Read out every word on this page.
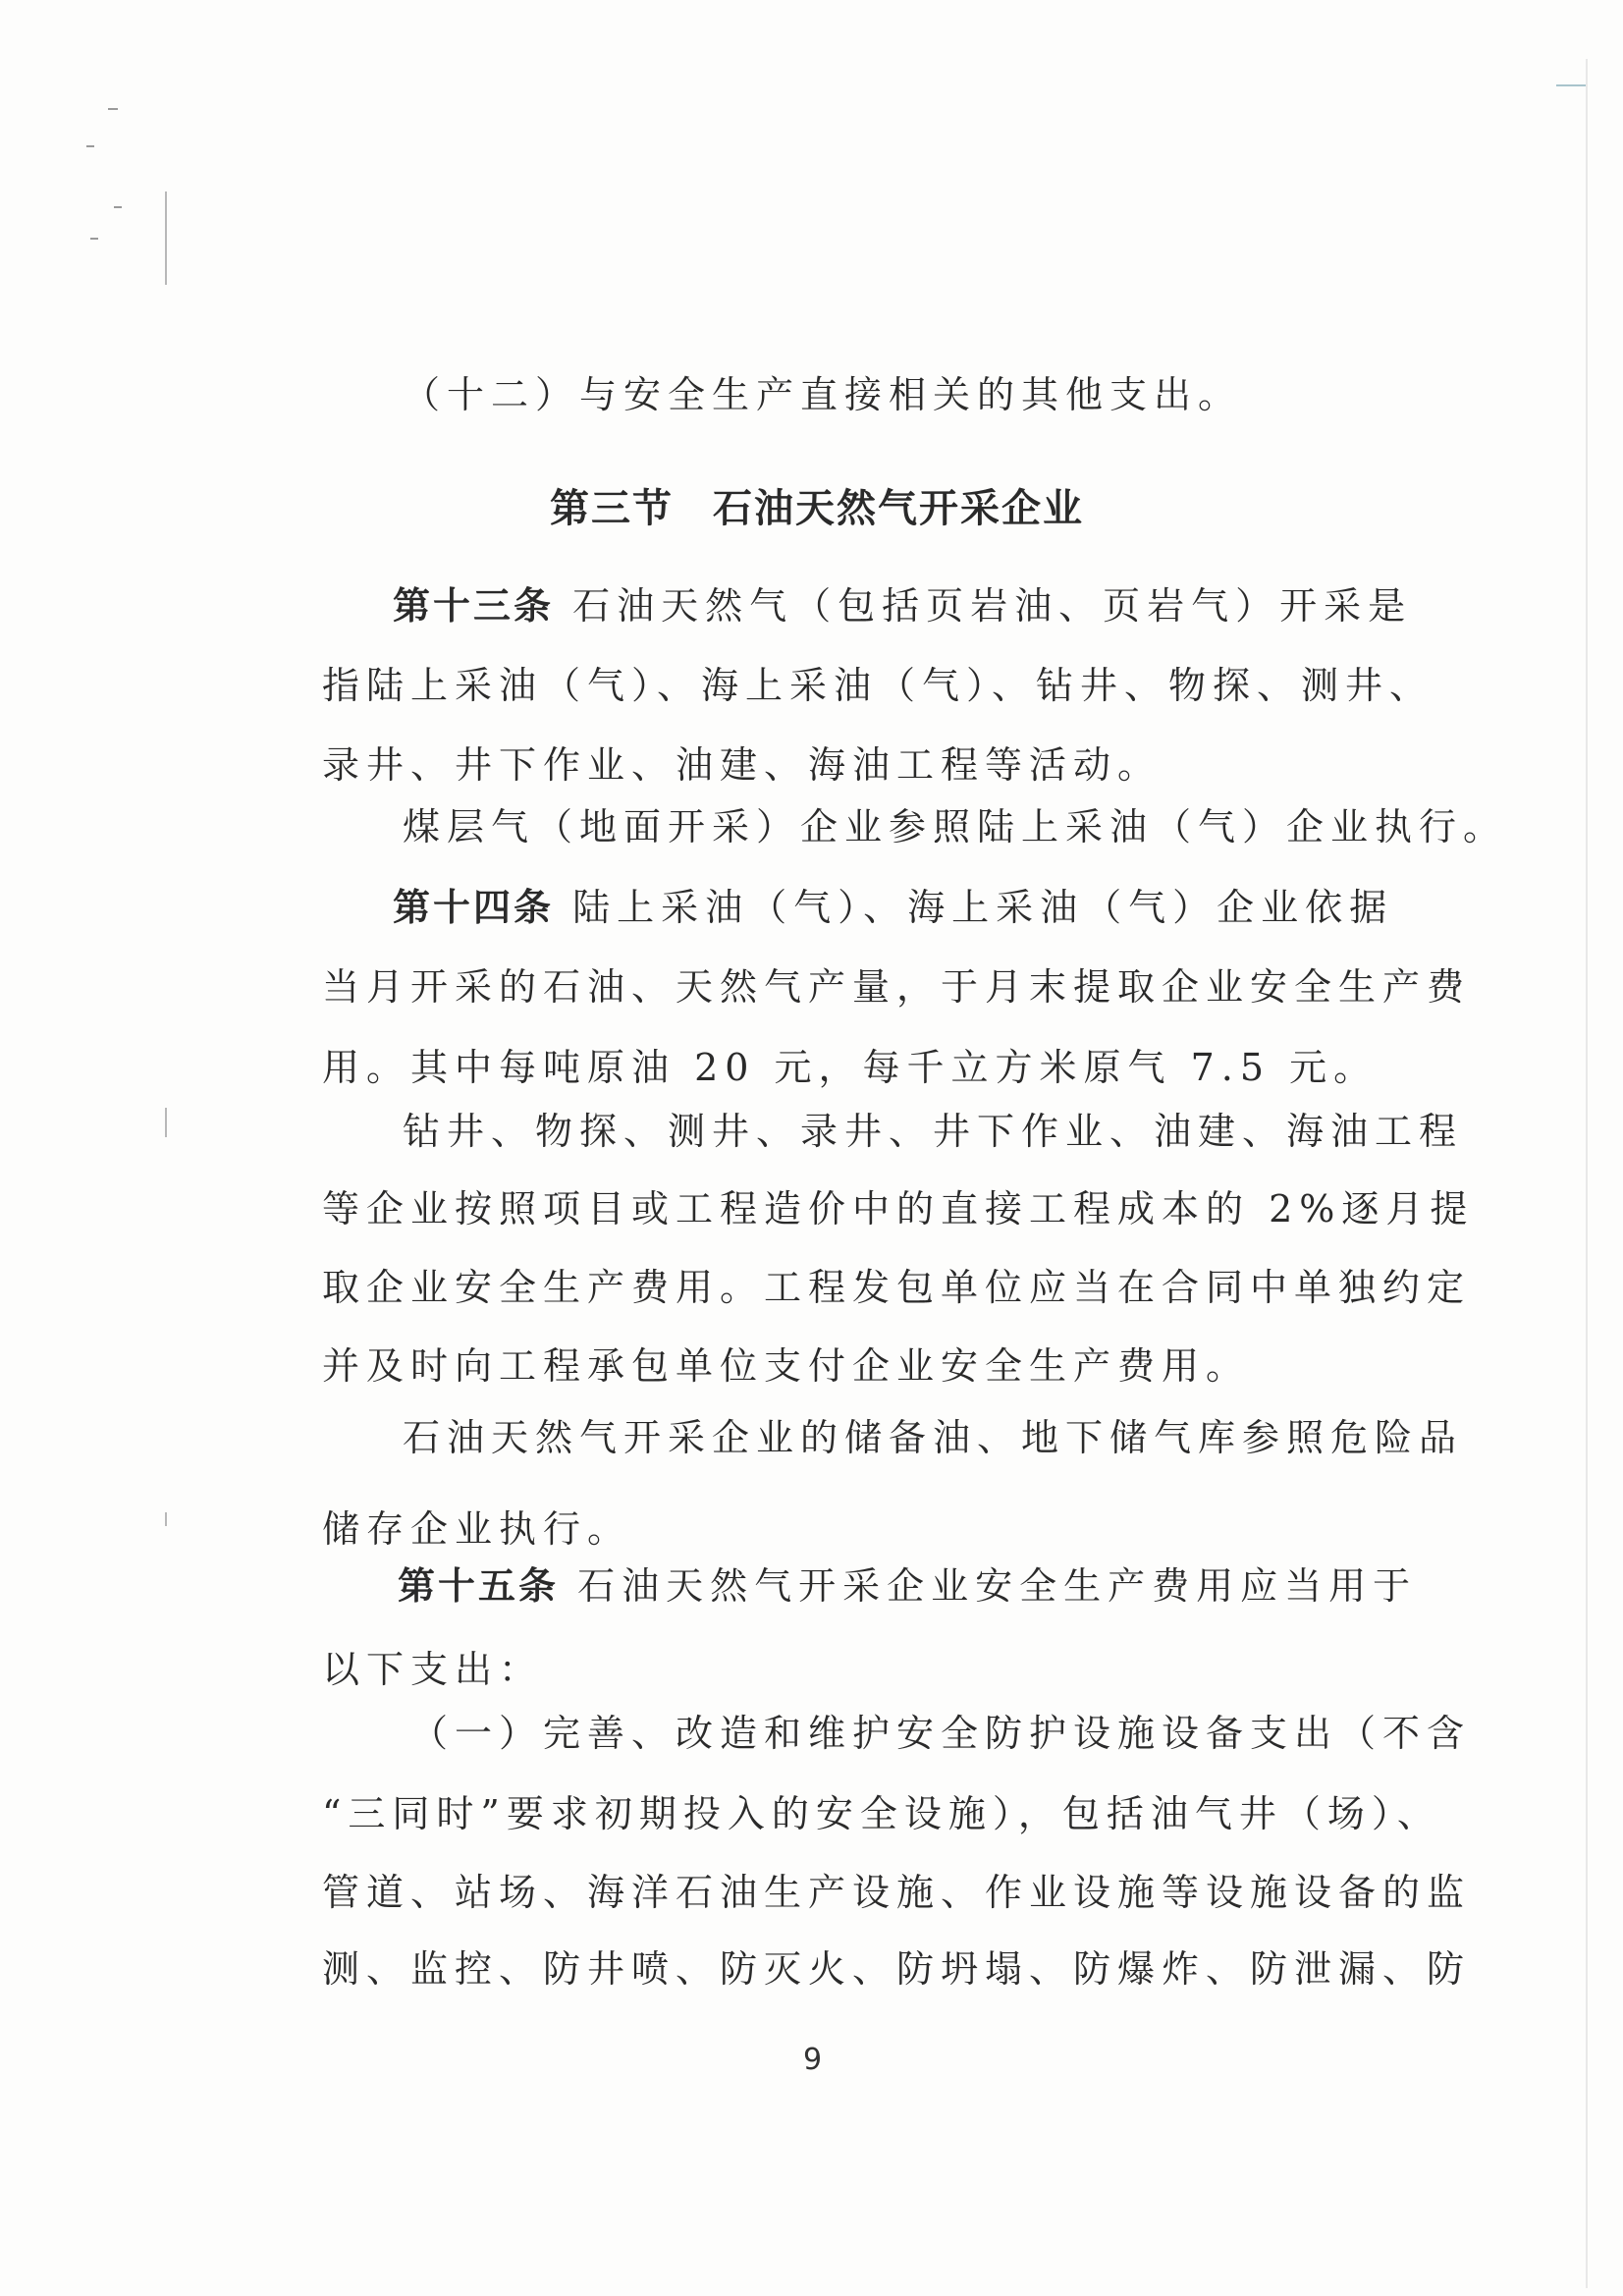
（十二）与安全生产直接相关的其他支出。
第三节 石油天然气开采企业
第十三条 石油天然气（包括页岩油、页岩气）开采是
指陆上采油（气）、海上采油（气）、钻井、物探、测井、
录井、井下作业、油建、海油工程等活动。
煤层气（地面开采）企业参照陆上采油（气）企业执行。
第十四条 陆上采油（气）、海上采油（气）企业依据
当月开采的石油、天然气产量，于月末提取企业安全生产费
用。其中每吨原油 20 元，每千立方米原气 7.5 元。
钻井、物探、测井、录井、井下作业、油建、海油工程
等企业按照项目或工程造价中的直接工程成本的 2%逐月提
取企业安全生产费用。工程发包单位应当在合同中单独约定
并及时向工程承包单位支付企业安全生产费用。
石油天然气开采企业的储备油、地下储气库参照危险品
储存企业执行。
第十五条 石油天然气开采企业安全生产费用应当用于
以下支出：
（一）完善、改造和维护安全防护设施设备支出（不含
“三同时”要求初期投入的安全设施），包括油气井（场）、
管道、站场、海洋石油生产设施、作业设施等设施设备的监
测、监控、防井喷、防灭火、防坍塌、防爆炸、防泄漏、防
9
